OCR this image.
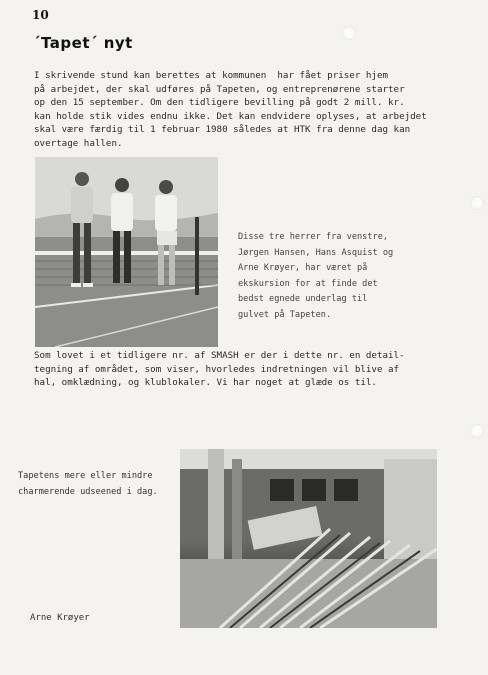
10
´Tapet´ nyt

I skrivende stund kan berettes at kommunen  har fået priser hjem
på arbejdet, der skal udføres på Tapeten, og entreprenørene starter
op den 15 september. Om den tidligere bevilling på godt 2 mill. kr.
kan holde stik vides endnu ikke. Det kan endvidere oplyses, at arbejdet
skal være færdig til 1 februar 1980 således at HTK fra denne dag kan
overtage hallen.

Disse tre herrer fra venstre,
Jørgen Hansen, Hans Asquist og
Arne Krøyer, har været på
ekskursion for at finde det
bedst egnede underlag til
gulvet på Tapeten.

Som lovet i et tidligere nr. af SMASH er der i dette nr. en detail-
tegning af området, som viser, hvorledes indretningen vil blive af
hal, omklædning, og klublokaler. Vi har noget at glæde os til.

Tapetens mere eller mindre
charmerende udseened i dag.

Arne Krøyer
